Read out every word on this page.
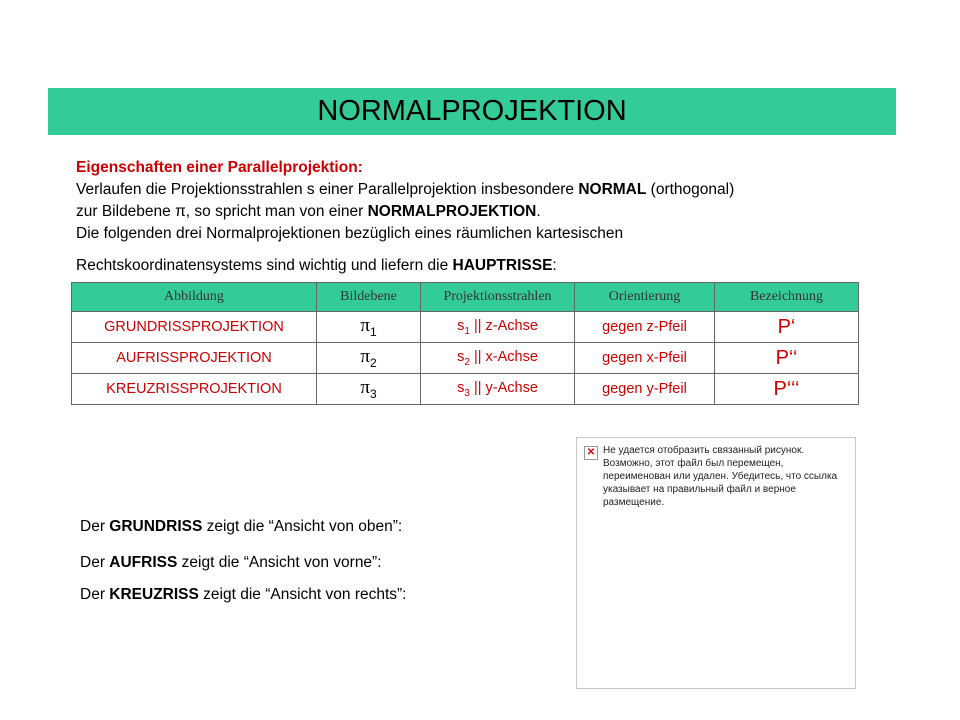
NORMALPROJEKTION
Eigenschaften einer Parallelprojektion:
Verlaufen die Projektionsstrahlen s einer Parallelprojektion insbesondere NORMAL (orthogonal)
zur Bildebene π, so spricht man von einer NORMALPROJEKTION.
Die folgenden drei Normalprojektionen bezüglich eines räumlichen kartesischen
Rechtskoordinatensystems sind wichtig und liefern die HAUPTRISSE:
Abbildung	Bildebene	Projektionsstrahlen	Orientierung	Bezeichnung
GRUNDRISSPROJEKTION	$\pi_1$	$s_1$ || z-Achse	gegen z-Pfeil	P‘
AUFRISSPROJEKTION	$\pi_2$	$s_2$ || x-Achse	gegen x-Pfeil	P‘‘
KREUZRISSPROJEKTION	$\pi_3$	$s_3$ || y-Achse	gegen y-Pfeil	P‘‘‘
✕ Не удается отобразить связанный рисунок. Возможно, этот файл был перемещен, переименован или удален. Убедитесь, что ссылка указывает на правильный файл и верное размещение.
Der GRUNDRISS zeigt die “Ansicht von oben”:
Der AUFRISS zeigt die “Ansicht von vorne”:
Der KREUZRISS zeigt die “Ansicht von rechts”:
